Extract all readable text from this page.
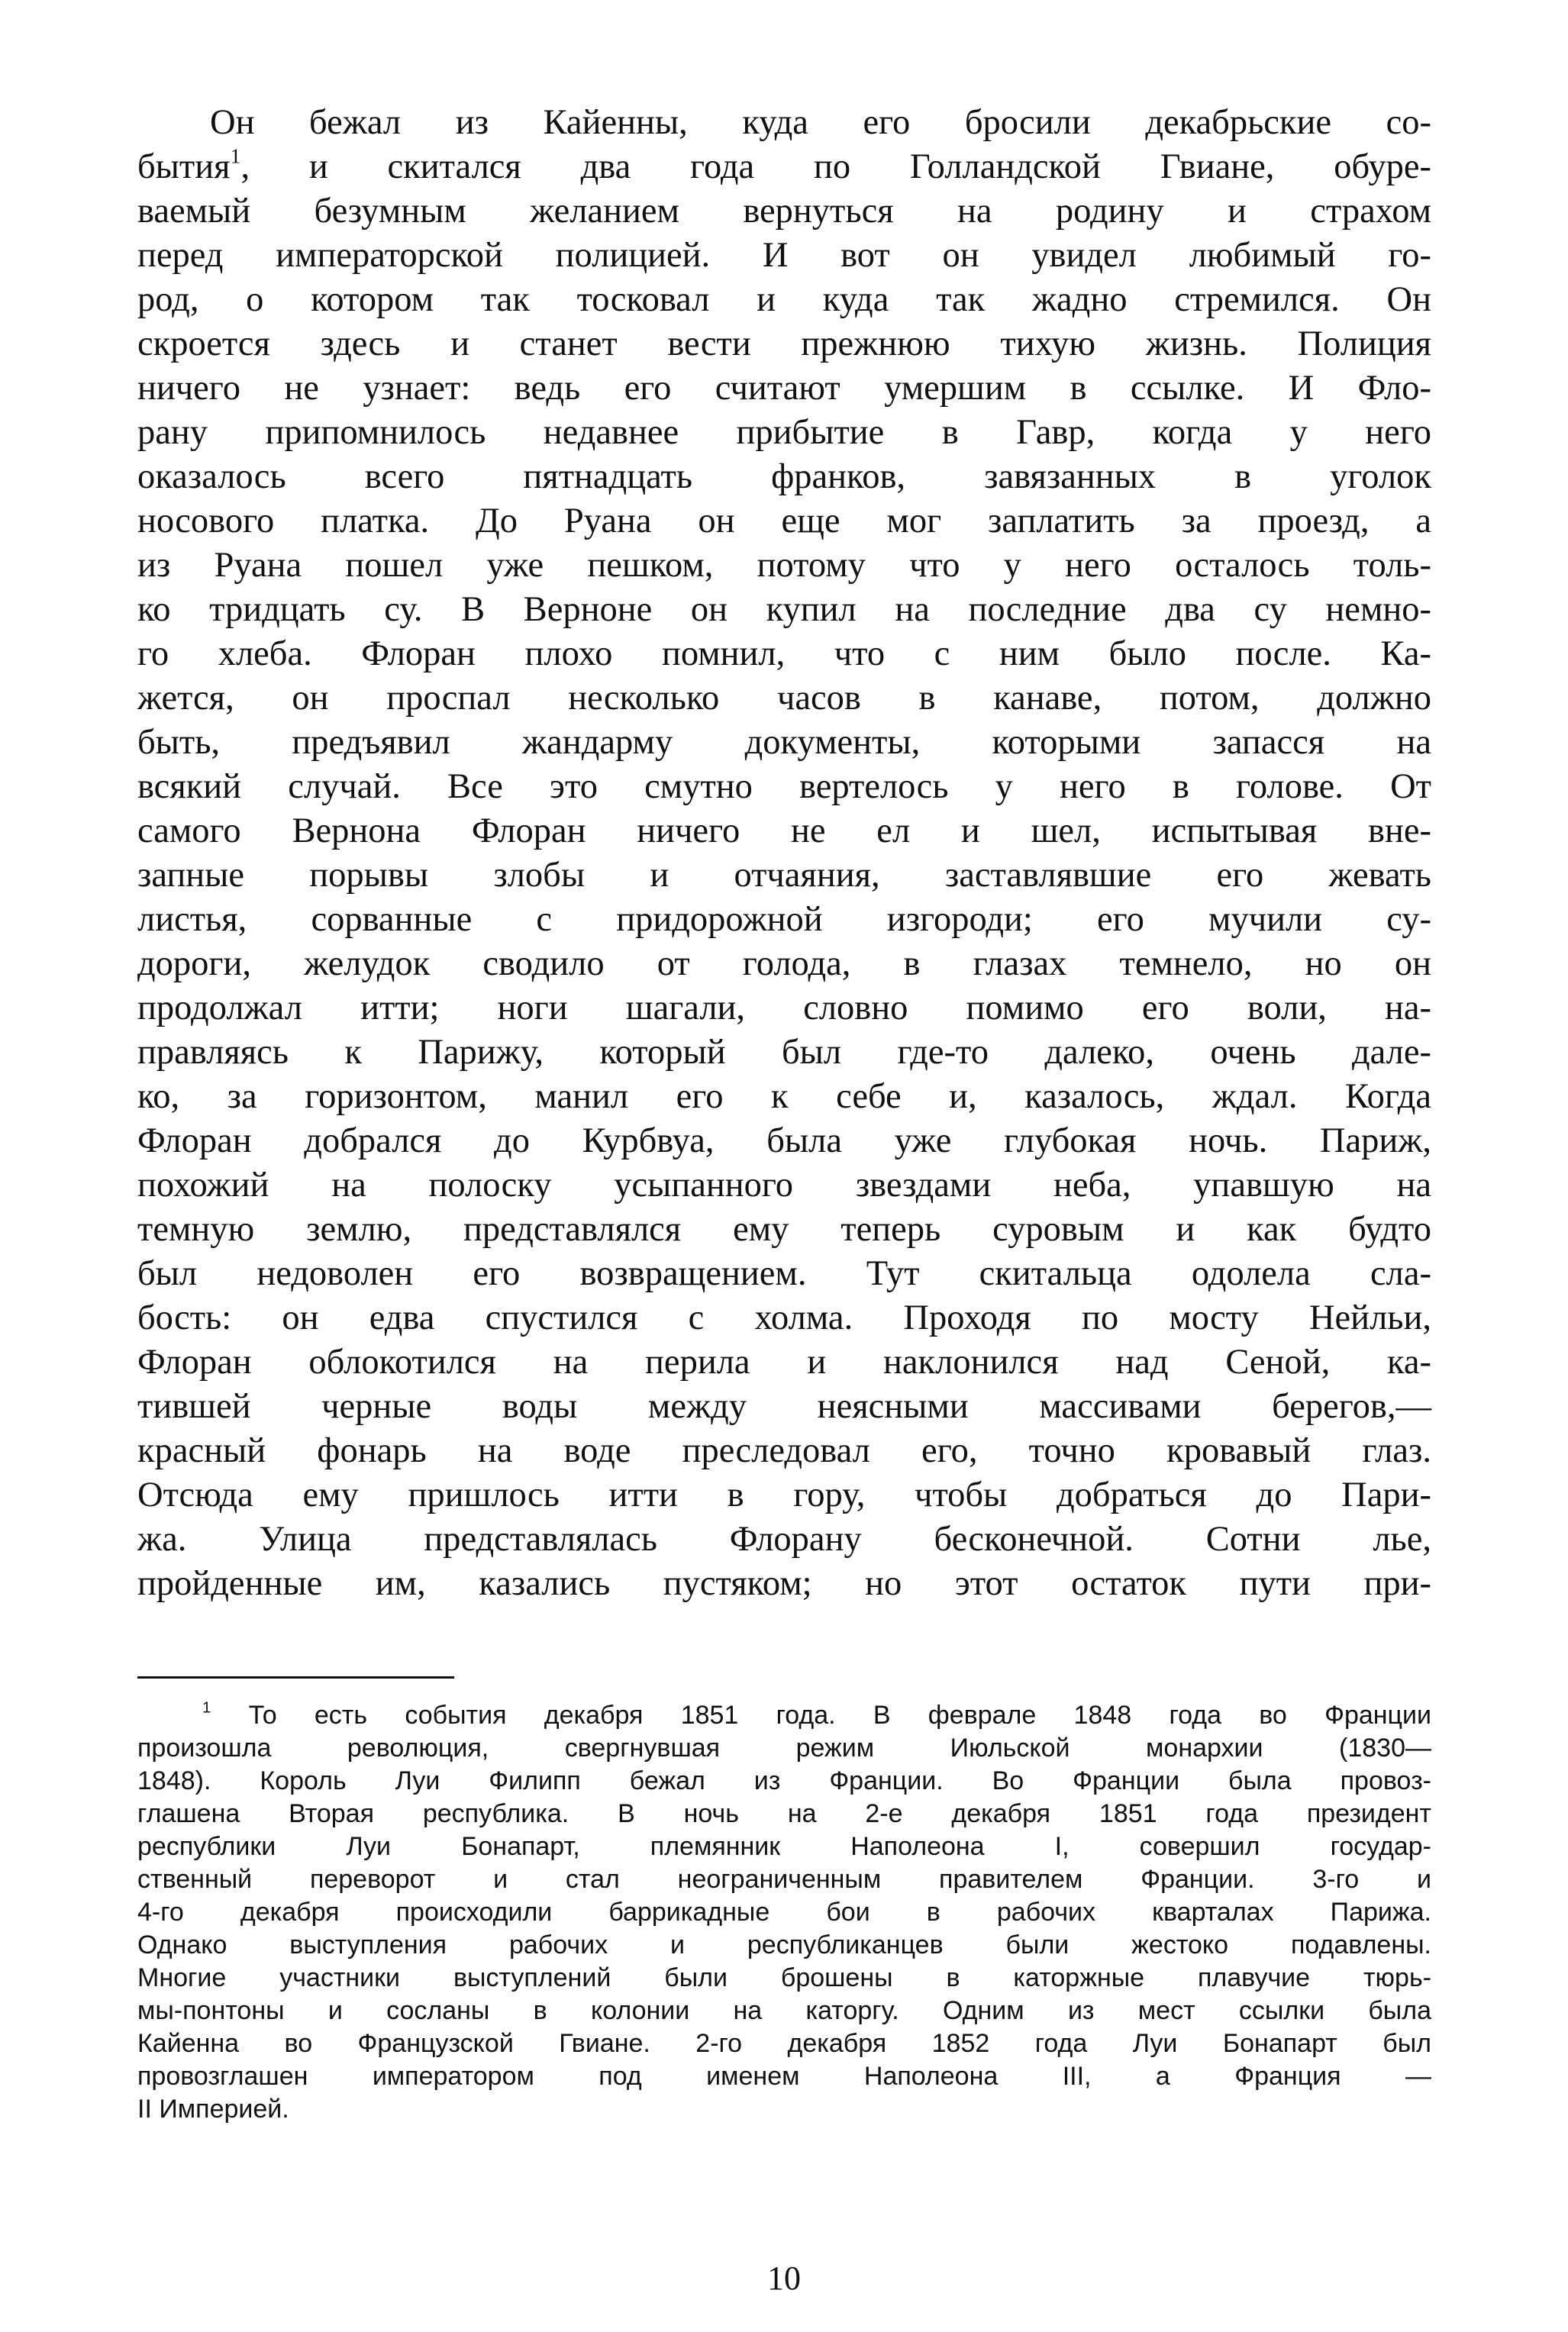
Он бежал из Кайенны, куда его бросили декабрьские со-
бытия$^1$, и скитался два года по Голландской Гвиане, обуре-
ваемый безумным желанием вернуться на родину и страхом
перед императорской полицией. И вот он увидел любимый го-
род, о котором так тосковал и куда так жадно стремился. Он
скроется здесь и станет вести прежнюю тихую жизнь. Полиция
ничего не узнает: ведь его считают умершим в ссылке. И Фло-
рану припомнилось недавнее прибытие в Гавр, когда у него
оказалось всего пятнадцать франков, завязанных в уголок
носового платка. До Руана он еще мог заплатить за проезд, а
из Руана пошел уже пешком, потому что у него осталось толь-
ко тридцать су. В Верноне он купил на последние два су немно-
го хлеба. Флоран плохо помнил, что с ним было после. Ка-
жется, он проспал несколько часов в канаве, потом, должно
быть, предъявил жандарму документы, которыми запасся на
всякий случай. Все это смутно вертелось у него в голове. От
самого Вернона Флоран ничего не ел и шел, испытывая вне-
запные порывы злобы и отчаяния, заставлявшие его жевать
листья, сорванные с придорожной изгороди; его мучили су-
дороги, желудок сводило от голода, в глазах темнело, но он
продолжал итти; ноги шагали, словно помимо его воли, на-
правляясь к Парижу, который был где-то далеко, очень дале-
ко, за горизонтом, манил его к себе и, казалось, ждал. Когда
Флоран добрался до Курбвуа, была уже глубокая ночь. Париж,
похожий на полоску усыпанного звездами неба, упавшую на
темную землю, представлялся ему теперь суровым и как будто
был недоволен его возвращением. Тут скитальца одолела сла-
бость: он едва спустился с холма. Проходя по мосту Нейльи,
Флоран облокотился на перила и наклонился над Сеной, ка-
тившей черные воды между неясными массивами берегов,—
красный фонарь на воде преследовал его, точно кровавый глаз.
Отсюда ему пришлось итти в гору, чтобы добраться до Пари-
жа. Улица представлялась Флорану бесконечной. Сотни лье,
пройденные им, казались пустяком; но этот остаток пути при-
$^1$ То есть события декабря 1851 года. В феврале 1848 года во Франции
произошла революция, свергнувшая режим Июльской монархии (1830—
1848). Король Луи Филипп бежал из Франции. Во Франции была провоз-
глашена Вторая республика. В ночь на 2-е декабря 1851 года президент
республики Луи Бонапарт, племянник Наполеона I, совершил государ-
ственный переворот и стал неограниченным правителем Франции. 3-го и
4-го декабря происходили баррикадные бои в рабочих кварталах Парижа.
Однако выступления рабочих и республиканцев были жестоко подавлены.
Многие участники выступлений были брошены в каторжные плавучие тюрь-
мы-понтоны и сосланы в колонии на каторгу. Одним из мест ссылки была
Кайенна во Французской Гвиане. 2-го декабря 1852 года Луи Бонапарт был
провозглашен императором под именем Наполеона III, а Франция —
II Империей.
10
